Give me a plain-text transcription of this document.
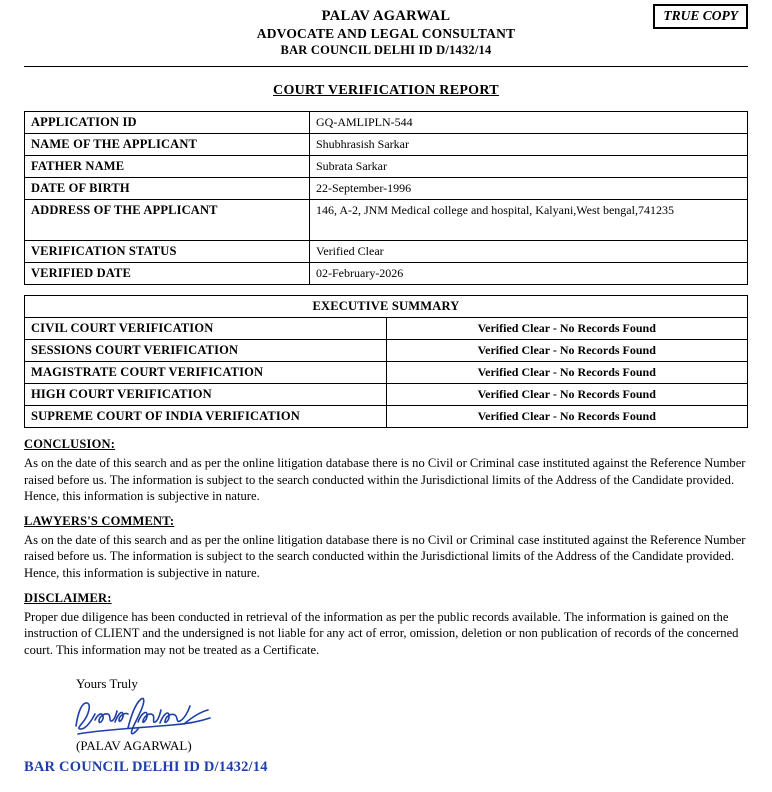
TRUE COPY
PALAV AGARWAL
ADVOCATE AND LEGAL CONSULTANT
BAR COUNCIL DELHI ID D/1432/14
COURT VERIFICATION REPORT
APPLICATION ID	GQ-AMLIPLN-544
NAME OF THE APPLICANT	Shubhrasish Sarkar
FATHER NAME	Subrata Sarkar
DATE OF BIRTH	22-September-1996
ADDRESS OF THE APPLICANT	146, A-2, JNM Medical college and hospital, Kalyani,West bengal,741235
VERIFICATION STATUS	Verified Clear
VERIFIED DATE	02-February-2026
EXECUTIVE SUMMARY	
CIVIL COURT VERIFICATION	Verified Clear - No Records Found
SESSIONS COURT VERIFICATION	Verified Clear - No Records Found
MAGISTRATE COURT VERIFICATION	Verified Clear - No Records Found
HIGH COURT VERIFICATION	Verified Clear - No Records Found
SUPREME COURT OF INDIA VERIFICATION	Verified Clear - No Records Found
CONCLUSION:
As on the date of this search and as per the online litigation database there is no Civil or Criminal case instituted against the Reference Number raised before us. The information is subject to the search conducted within the Jurisdictional limits of the Address of the Candidate provided. Hence, this information is subjective in nature.
LAWYERS'S COMMENT:
As on the date of this search and as per the online litigation database there is no Civil or Criminal case instituted against the Reference Number raised before us. The information is subject to the search conducted within the Jurisdictional limits of the Address of the Candidate provided. Hence, this information is subjective in nature.
DISCLAIMER:
Proper due diligence has been conducted in retrieval of the information as per the public records available. The information is gained on the instruction of CLIENT and the undersigned is not liable for any act of error, omission, deletion or non publication of records of the concerned court. This information may not be treated as a Certificate.
Yours Truly
(PALAV AGARWAL)
BAR COUNCIL DELHI ID D/1432/14
